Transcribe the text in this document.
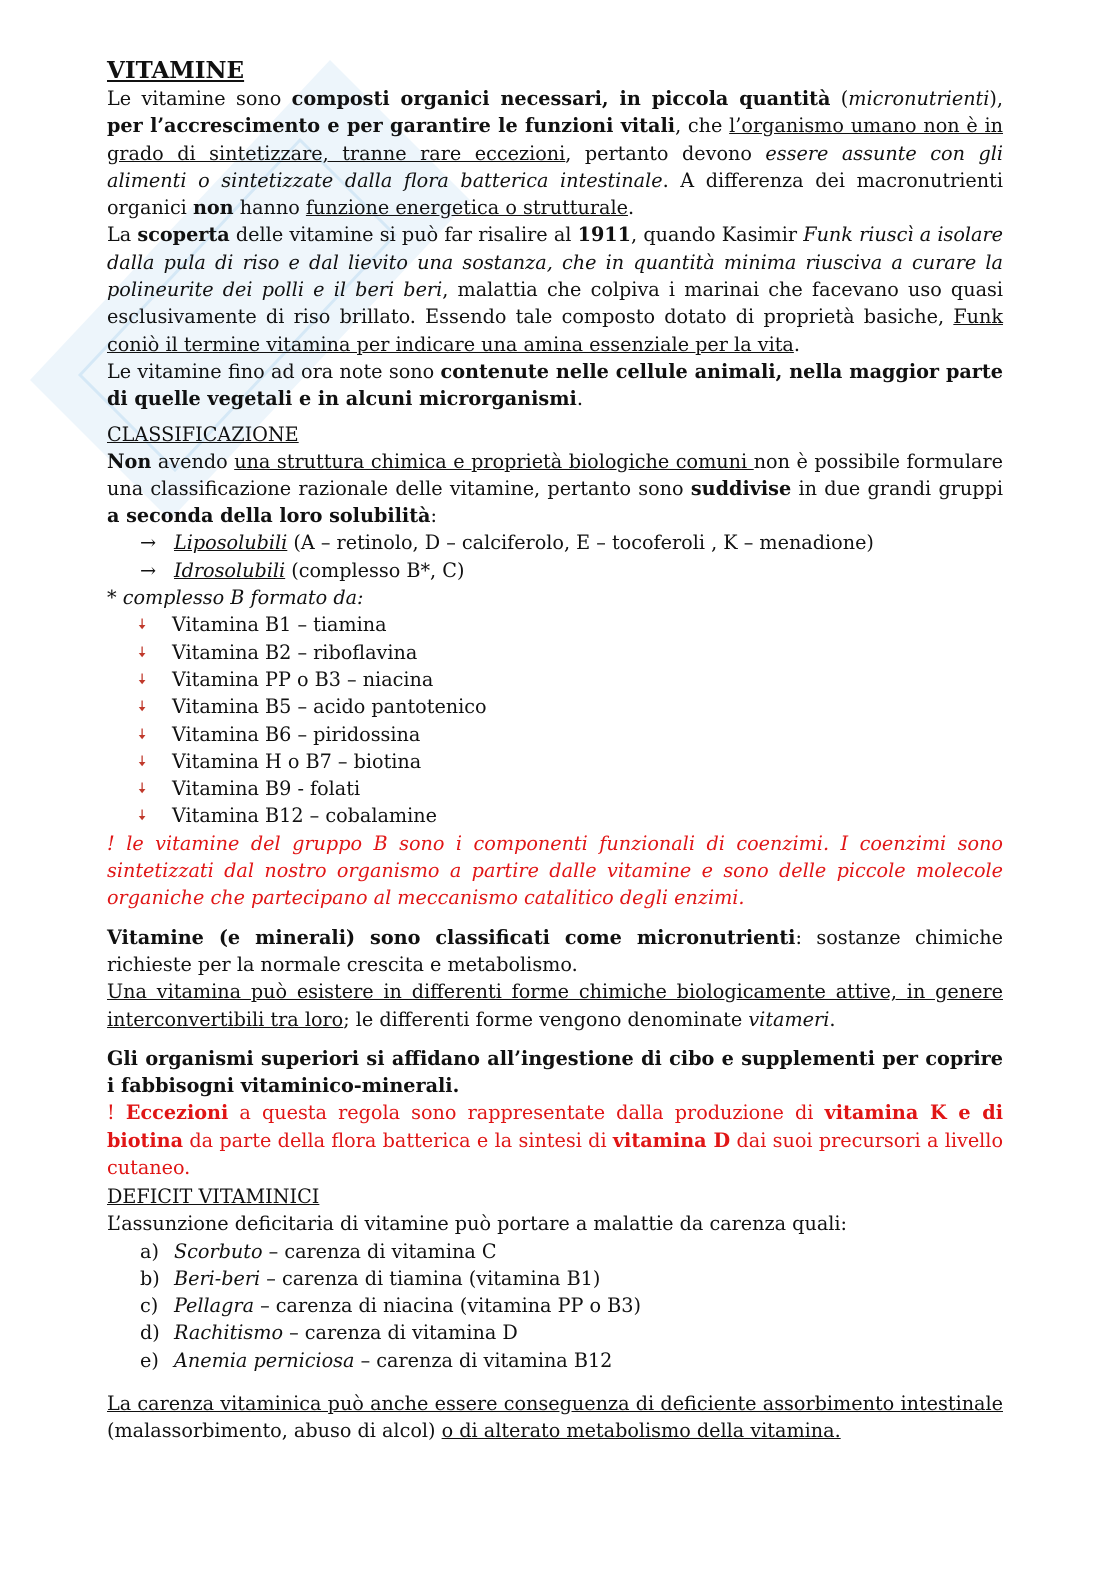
VITAMINE

Le vitamine sono composti organici necessari, in piccola quantità (micronutrienti), per l’accrescimento e per garantire le funzioni vitali, che l’organismo umano non è in grado di sintetizzare, tranne rare eccezioni, pertanto devono essere assunte con gli alimenti o sintetizzate dalla flora batterica intestinale. A differenza dei macronutrienti organici non hanno funzione energetica o strutturale.

La scoperta delle vitamine si può far risalire al 1911, quando Kasimir Funk riuscì a isolare dalla pula di riso e dal lievito una sostanza, che in quantità minima riusciva a curare la polineurite dei polli e il beri beri, malattia che colpiva i marinai che facevano uso quasi esclusivamente di riso brillato. Essendo tale composto dotato di proprietà basiche, Funk coniò il termine vitamina per indicare una amina essenziale per la vita.

Le vitamine fino ad ora note sono contenute nelle cellule animali, nella maggior parte di quelle vegetali e in alcuni microrganismi.

CLASSIFICAZIONE

Non avendo una struttura chimica e proprietà biologiche comuni non è possibile formulare una classificazione razionale delle vitamine, pertanto sono suddivise in due grandi gruppi a seconda della loro solubilità:

→ Liposolubili (A – retinolo, D – calciferolo, E – tocoferoli , K – menadione)
→ Idrosolubili (complesso B*, C)

* complesso B formato da:

🠇 Vitamina B1 – tiamina
🠇 Vitamina B2 – riboflavina
🠇 Vitamina PP o B3 – niacina
🠇 Vitamina B5 – acido pantotenico
🠇 Vitamina B6 – piridossina
🠇 Vitamina H o B7 – biotina
🠇 Vitamina B9 - folati
🠇 Vitamina B12 – cobalamine

! le vitamine del gruppo B sono i componenti funzionali di coenzimi. I coenzimi sono sintetizzati dal nostro organismo a partire dalle vitamine e sono delle piccole molecole organiche che partecipano al meccanismo catalitico degli enzimi.

Vitamine (e minerali) sono classificati come micronutrienti: sostanze chimiche richieste per la normale crescita e metabolismo.

Una vitamina può esistere in differenti forme chimiche biologicamente attive, in genere interconvertibili tra loro; le differenti forme vengono denominate vitameri.

Gli organismi superiori si affidano all’ingestione di cibo e supplementi per coprire i fabbisogni vitaminico-minerali.

! Eccezioni a questa regola sono rappresentate dalla produzione di vitamina K e di biotina da parte della flora batterica e la sintesi di vitamina D dai suoi precursori a livello cutaneo.

DEFICIT VITAMINICI

L’assunzione deficitaria di vitamine può portare a malattie da carenza quali:

a) Scorbuto – carenza di vitamina C
b) Beri-beri – carenza di tiamina (vitamina B1)
c) Pellagra – carenza di niacina (vitamina PP o B3)
d) Rachitismo – carenza di vitamina D
e) Anemia perniciosa – carenza di vitamina B12

La carenza vitaminica può anche essere conseguenza di deficiente assorbimento intestinale (malassorbimento, abuso di alcol) o di alterato metabolismo della vitamina.
